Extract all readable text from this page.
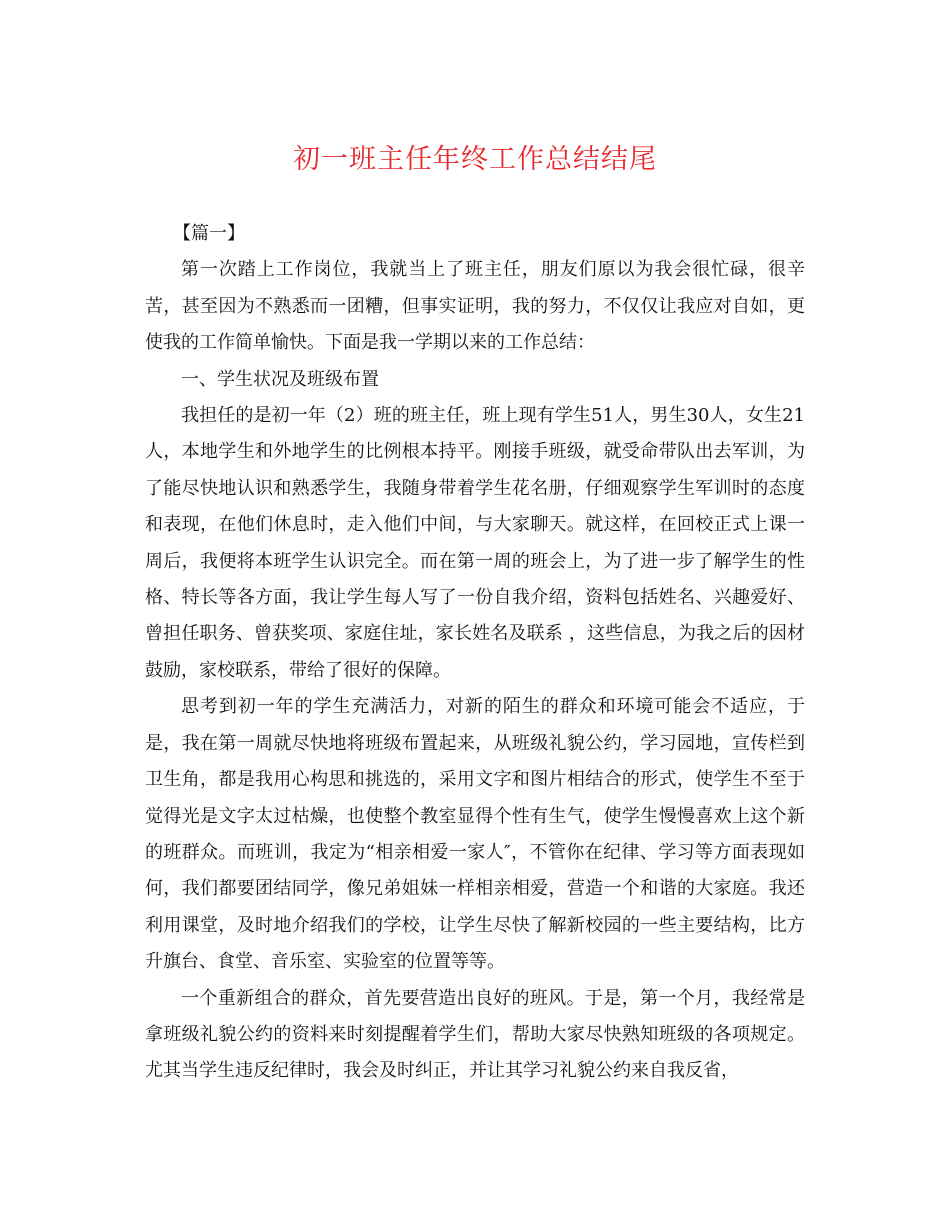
初一班主任年终工作总结结尾

【篇一】

第一次踏上工作岗位，我就当上了班主任，朋友们原以为我会很忙碌，很辛苦，甚至因为不熟悉而一团糟，但事实证明，我的努力，不仅仅让我应对自如，更使我的工作简单愉快。下面是我一学期以来的工作总结：

一、学生状况及班级布置

我担任的是初一年（2）班的班主任，班上现有学生51人，男生30人，女生21人，本地学生和外地学生的比例根本持平。刚接手班级，就受命带队出去军训，为了能尽快地认识和熟悉学生，我随身带着学生花名册，仔细观察学生军训时的态度和表现，在他们休息时，走入他们中间，与大家聊天。就这样，在回校正式上课一周后，我便将本班学生认识完全。而在第一周的班会上，为了进一步了解学生的性格、特长等各方面，我让学生每人写了一份自我介绍，资料包括姓名、兴趣爱好、曾担任职务、曾获奖项、家庭住址，家长姓名及联系 ，这些信息，为我之后的因材鼓励，家校联系，带给了很好的保障。

思考到初一年的学生充满活力，对新的陌生的群众和环境可能会不适应，于是，我在第一周就尽快地将班级布置起来，从班级礼貌公约，学习园地，宣传栏到卫生角，都是我用心构思和挑选的，采用文字和图片相结合的形式，使学生不至于觉得光是文字太过枯燥，也使整个教室显得个性有生气，使学生慢慢喜欢上这个新的班群众。而班训，我定为“相亲相爱一家人″，不管你在纪律、学习等方面表现如何，我们都要团结同学，像兄弟姐妹一样相亲相爱，营造一个和谐的大家庭。我还利用课堂，及时地介绍我们的学校，让学生尽快了解新校园的一些主要结构，比方升旗台、食堂、音乐室、实验室的位置等等。

一个重新组合的群众，首先要营造出良好的班风。于是，第一个月，我经常是拿班级礼貌公约的资料来时刻提醒着学生们，帮助大家尽快熟知班级的各项规定。尤其当学生违反纪律时，我会及时纠正，并让其学习礼貌公约来自我反省，
